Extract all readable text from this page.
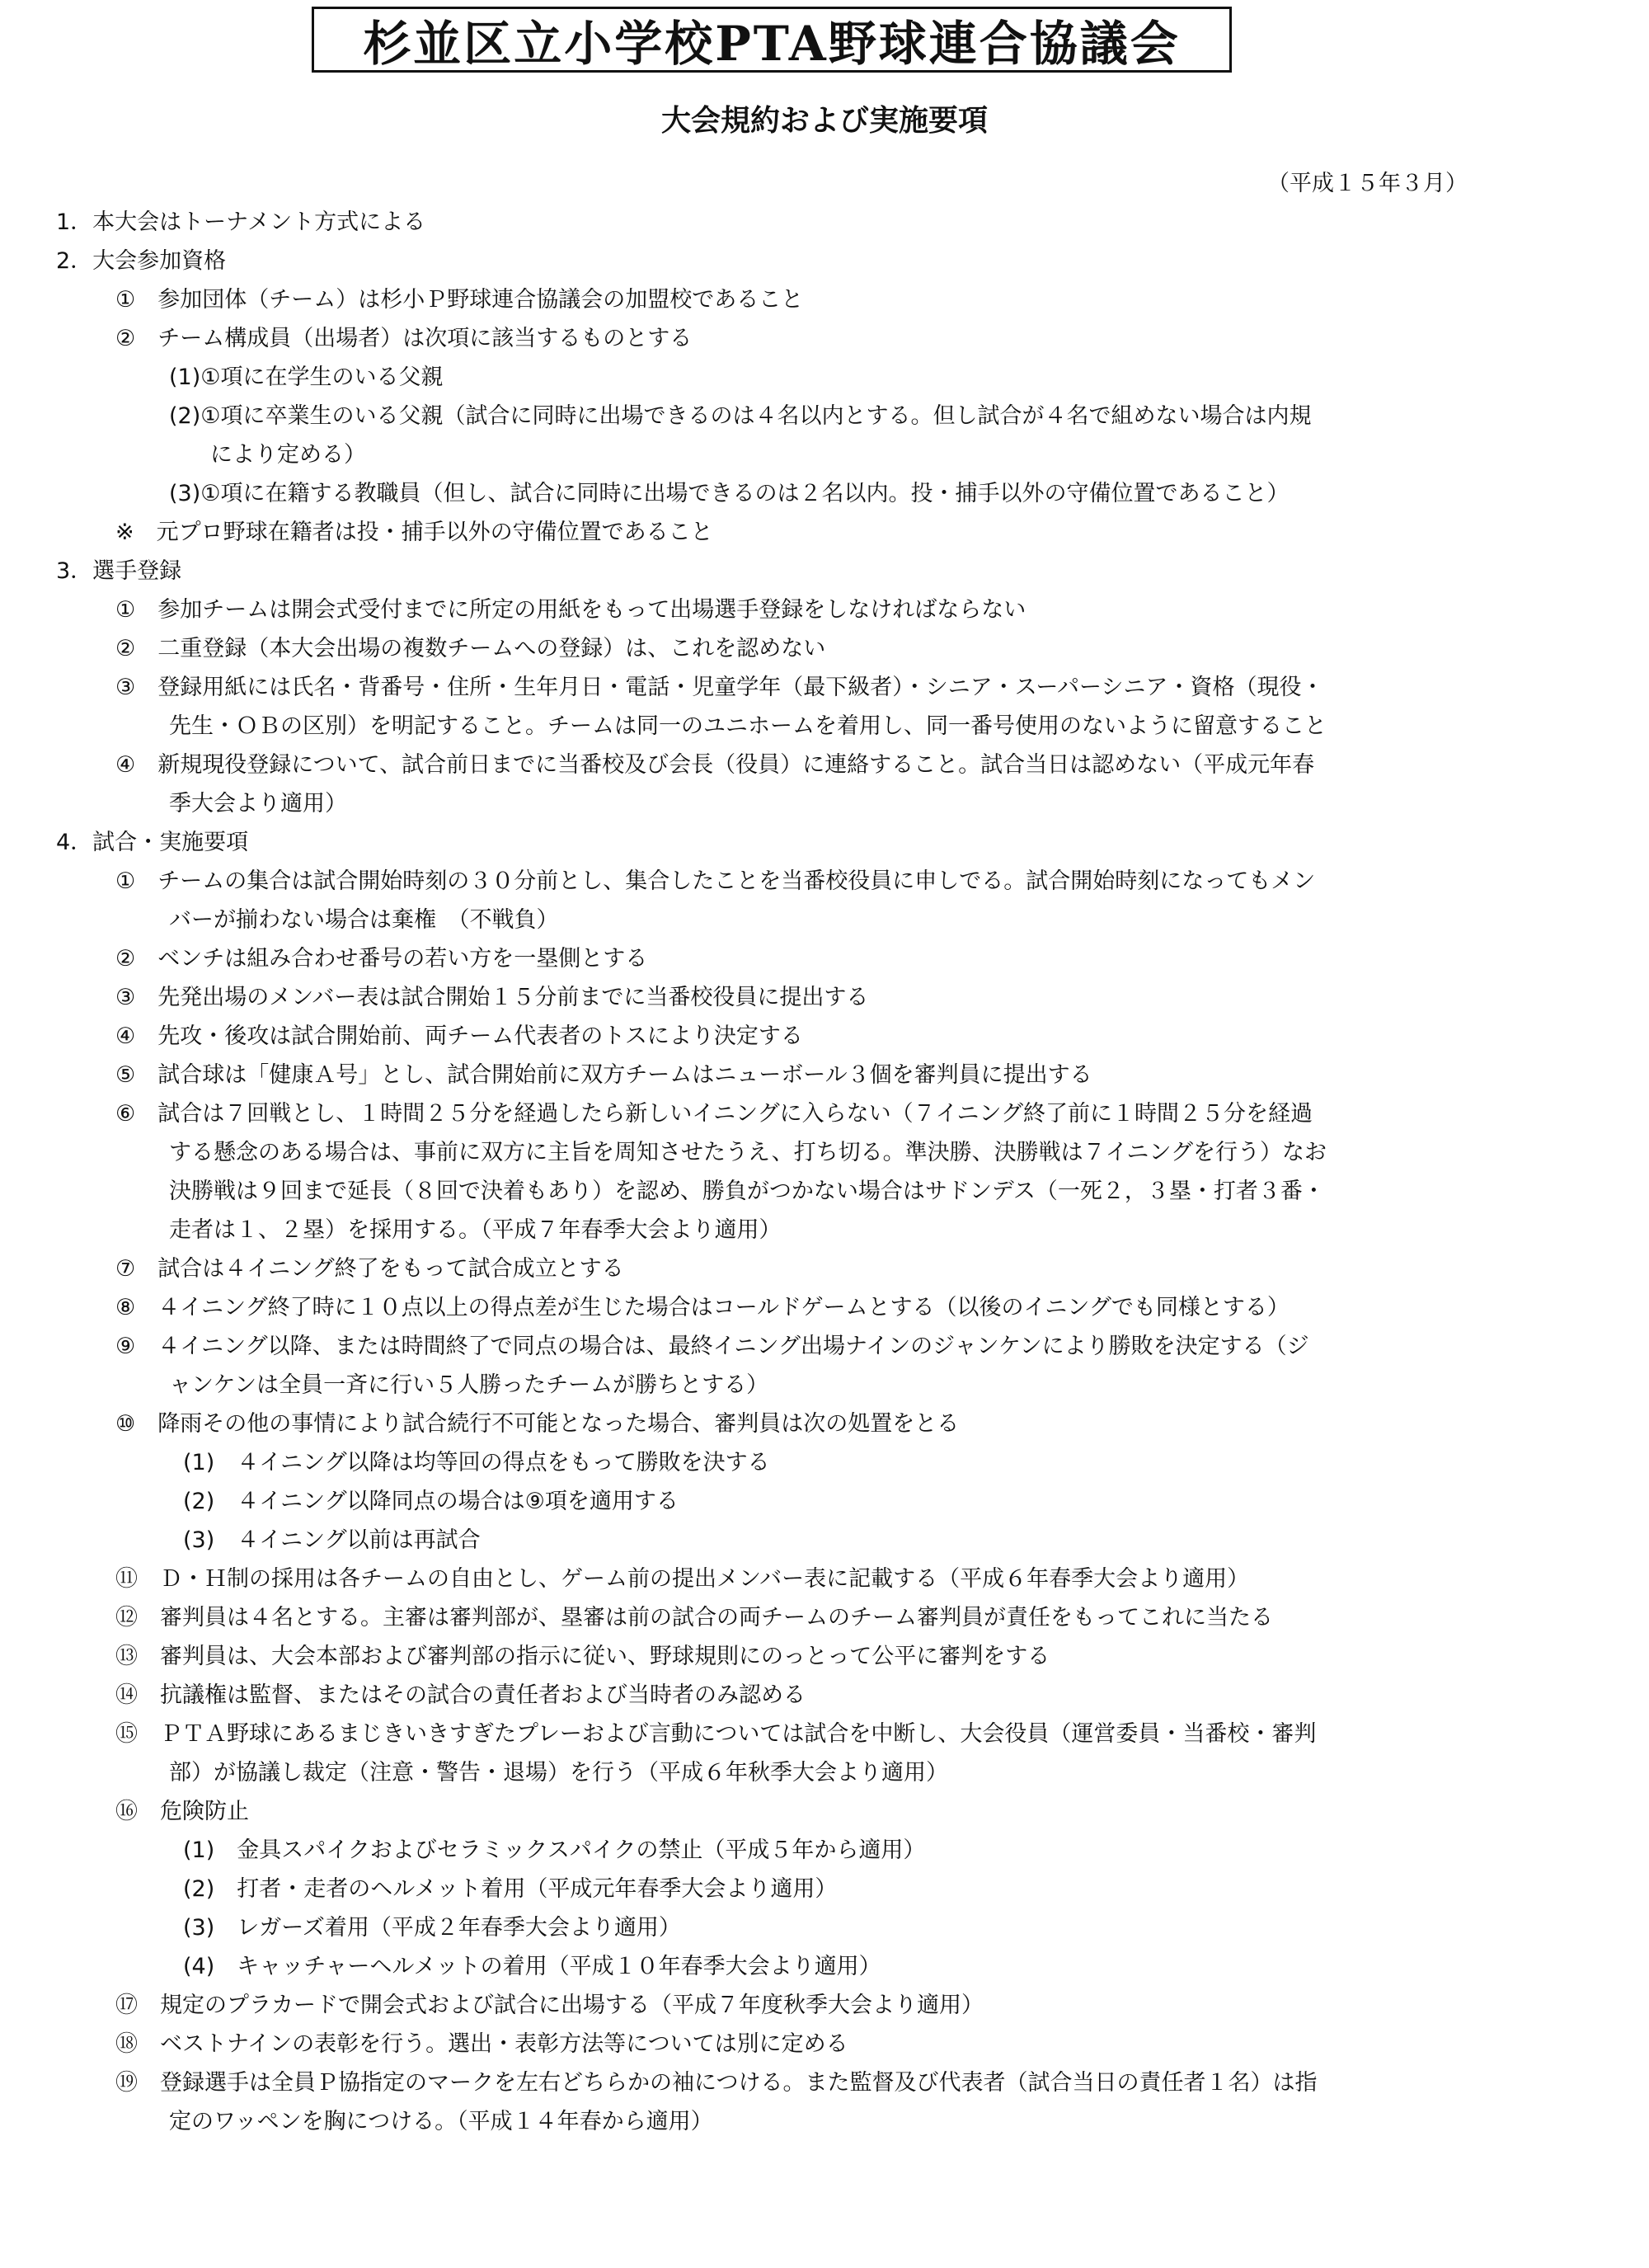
杉並区立小学校PTA野球連合協議会
大会規約および実施要項
（平成１５年３月）
1．本大会はトーナメント方式による
2．大会参加資格
①　参加団体（チーム）は杉小Ｐ野球連合協議会の加盟校であること
②　チーム構成員（出場者）は次項に該当するものとする
(1)①項に在学生のいる父親
(2)①項に卒業生のいる父親（試合に同時に出場できるのは４名以内とする。但し試合が４名で組めない場合は内規
により定める）
(3)①項に在籍する教職員（但し、試合に同時に出場できるのは２名以内。投・捕手以外の守備位置であること）
※　元プロ野球在籍者は投・捕手以外の守備位置であること
3．選手登録
①　参加チームは開会式受付までに所定の用紙をもって出場選手登録をしなければならない
②　二重登録（本大会出場の複数チームへの登録）は、これを認めない
③　登録用紙には氏名・背番号・住所・生年月日・電話・児童学年（最下級者）・シニア・スーパーシニア・資格（現役・
先生・ＯＢの区別）を明記すること。チームは同一のユニホームを着用し、同一番号使用のないように留意すること
④　新規現役登録について、試合前日までに当番校及び会長（役員）に連絡すること。試合当日は認めない（平成元年春
季大会より適用）
4．試合・実施要項
①　チームの集合は試合開始時刻の３０分前とし、集合したことを当番校役員に申しでる。試合開始時刻になってもメン
バーが揃わない場合は棄権　（不戦負）
②　ベンチは組み合わせ番号の若い方を一塁側とする
③　先発出場のメンバー表は試合開始１５分前までに当番校役員に提出する
④　先攻・後攻は試合開始前、両チーム代表者のトスにより決定する
⑤　試合球は「健康Ａ号」とし、試合開始前に双方チームはニューボール３個を審判員に提出する
⑥　試合は７回戦とし、１時間２５分を経過したら新しいイニングに入らない（７イニング終了前に１時間２５分を経過
する懸念のある場合は、事前に双方に主旨を周知させたうえ、打ち切る。準決勝、決勝戦は７イニングを行う）なお
決勝戦は９回まで延長（８回で決着もあり）を認め、勝負がつかない場合はサドンデス（一死２，３塁・打者３番・
走者は１、２塁）を採用する。（平成７年春季大会より適用）
⑦　試合は４イニング終了をもって試合成立とする
⑧　４イニング終了時に１０点以上の得点差が生じた場合はコールドゲームとする（以後のイニングでも同様とする）
⑨　４イニング以降、または時間終了で同点の場合は、最終イニング出場ナインのジャンケンにより勝敗を決定する（ジ
ャンケンは全員一斉に行い５人勝ったチームが勝ちとする）
⑩　降雨その他の事情により試合続行不可能となった場合、審判員は次の処置をとる
(1)　４イニング以降は均等回の得点をもって勝敗を決する
(2)　４イニング以降同点の場合は⑨項を適用する
(3)　４イニング以前は再試合
⑪　Ｄ・Ｈ制の採用は各チームの自由とし、ゲーム前の提出メンバー表に記載する（平成６年春季大会より適用）
⑫　審判員は４名とする。主審は審判部が、塁審は前の試合の両チームのチーム審判員が責任をもってこれに当たる
⑬　審判員は、大会本部および審判部の指示に従い、野球規則にのっとって公平に審判をする
⑭　抗議権は監督、またはその試合の責任者および当時者のみ認める
⑮　ＰＴＡ野球にあるまじきいきすぎたプレーおよび言動については試合を中断し、大会役員（運営委員・当番校・審判
部）が協議し裁定（注意・警告・退場）を行う（平成６年秋季大会より適用）
⑯　危険防止
(1)　金具スパイクおよびセラミックスパイクの禁止（平成５年から適用）
(2)　打者・走者のヘルメット着用（平成元年春季大会より適用）
(3)　レガーズ着用（平成２年春季大会より適用）
(4)　キャッチャーヘルメットの着用（平成１０年春季大会より適用）
⑰　規定のプラカードで開会式および試合に出場する（平成７年度秋季大会より適用）
⑱　ベストナインの表彰を行う。選出・表彰方法等については別に定める
⑲　登録選手は全員Ｐ協指定のマークを左右どちらかの袖につける。また監督及び代表者（試合当日の責任者１名）は指
定のワッペンを胸につける。（平成１４年春から適用）
